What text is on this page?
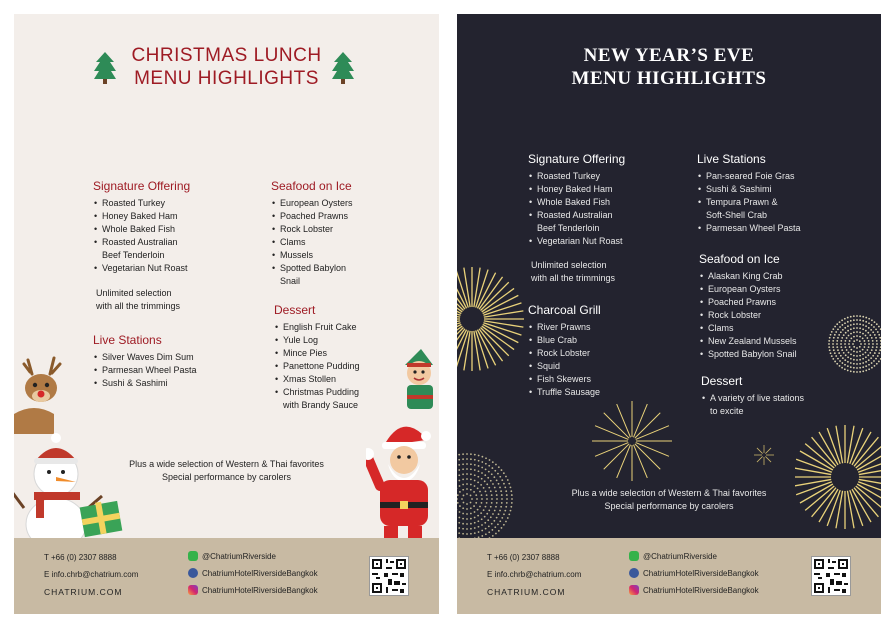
CHRISTMAS LUNCH
MENU HIGHLIGHTS
Signature Offering
• Roasted Turkey
• Honey Baked Ham
• Whole Baked Fish
• Roasted Australian
Beef Tenderloin
• Vegetarian Nut Roast
Unlimited selection
with all the trimmings
Live Stations
• Silver Waves Dim Sum
• Parmesan Wheel Pasta
• Sushi & Sashimi
Seafood on Ice
• European Oysters
• Poached Prawns
• Rock Lobster
• Clams
• Mussels
• Spotted Babylon
Snail
Dessert
• English Fruit Cake
• Yule Log
• Mince Pies
• Panettone Pudding
• Xmas Stollen
• Christmas Pudding
with Brandy Sauce
Plus a wide selection of Western & Thai favorites
Special performance by carolers
T +66 (0) 2307 8888
E info.chrb@chatrium.com
CHATRIUM.COM
@ChatriumRiverside
ChatriumHotelRiversideBangkok
ChatriumHotelRiversideBangkok
NEW YEAR’S EVE
MENU HIGHLIGHTS
Signature Offering
• Roasted Turkey
• Honey Baked Ham
• Whole Baked Fish
• Roasted Australian
Beef Tenderloin
• Vegetarian Nut Roast
Unlimited selection
with all the trimmings
Charcoal Grill
• River Prawns
• Blue Crab
• Rock Lobster
• Squid
• Fish Skewers
• Truffle Sausage
Live Stations
• Pan-seared Foie Gras
• Sushi & Sashimi
• Tempura Prawn &
Soft-Shell Crab
• Parmesan Wheel Pasta
Seafood on Ice
• Alaskan King Crab
• European Oysters
• Poached Prawns
• Rock Lobster
• Clams
• New Zealand Mussels
• Spotted Babylon Snail
Dessert
• A variety of live stations
to excite
Plus a wide selection of Western & Thai favorites
Special performance by carolers
T +66 (0) 2307 8888
E info.chrb@chatrium.com
CHATRIUM.COM
@ChatriumRiverside
ChatriumHotelRiversideBangkok
ChatriumHotelRiversideBangkok
